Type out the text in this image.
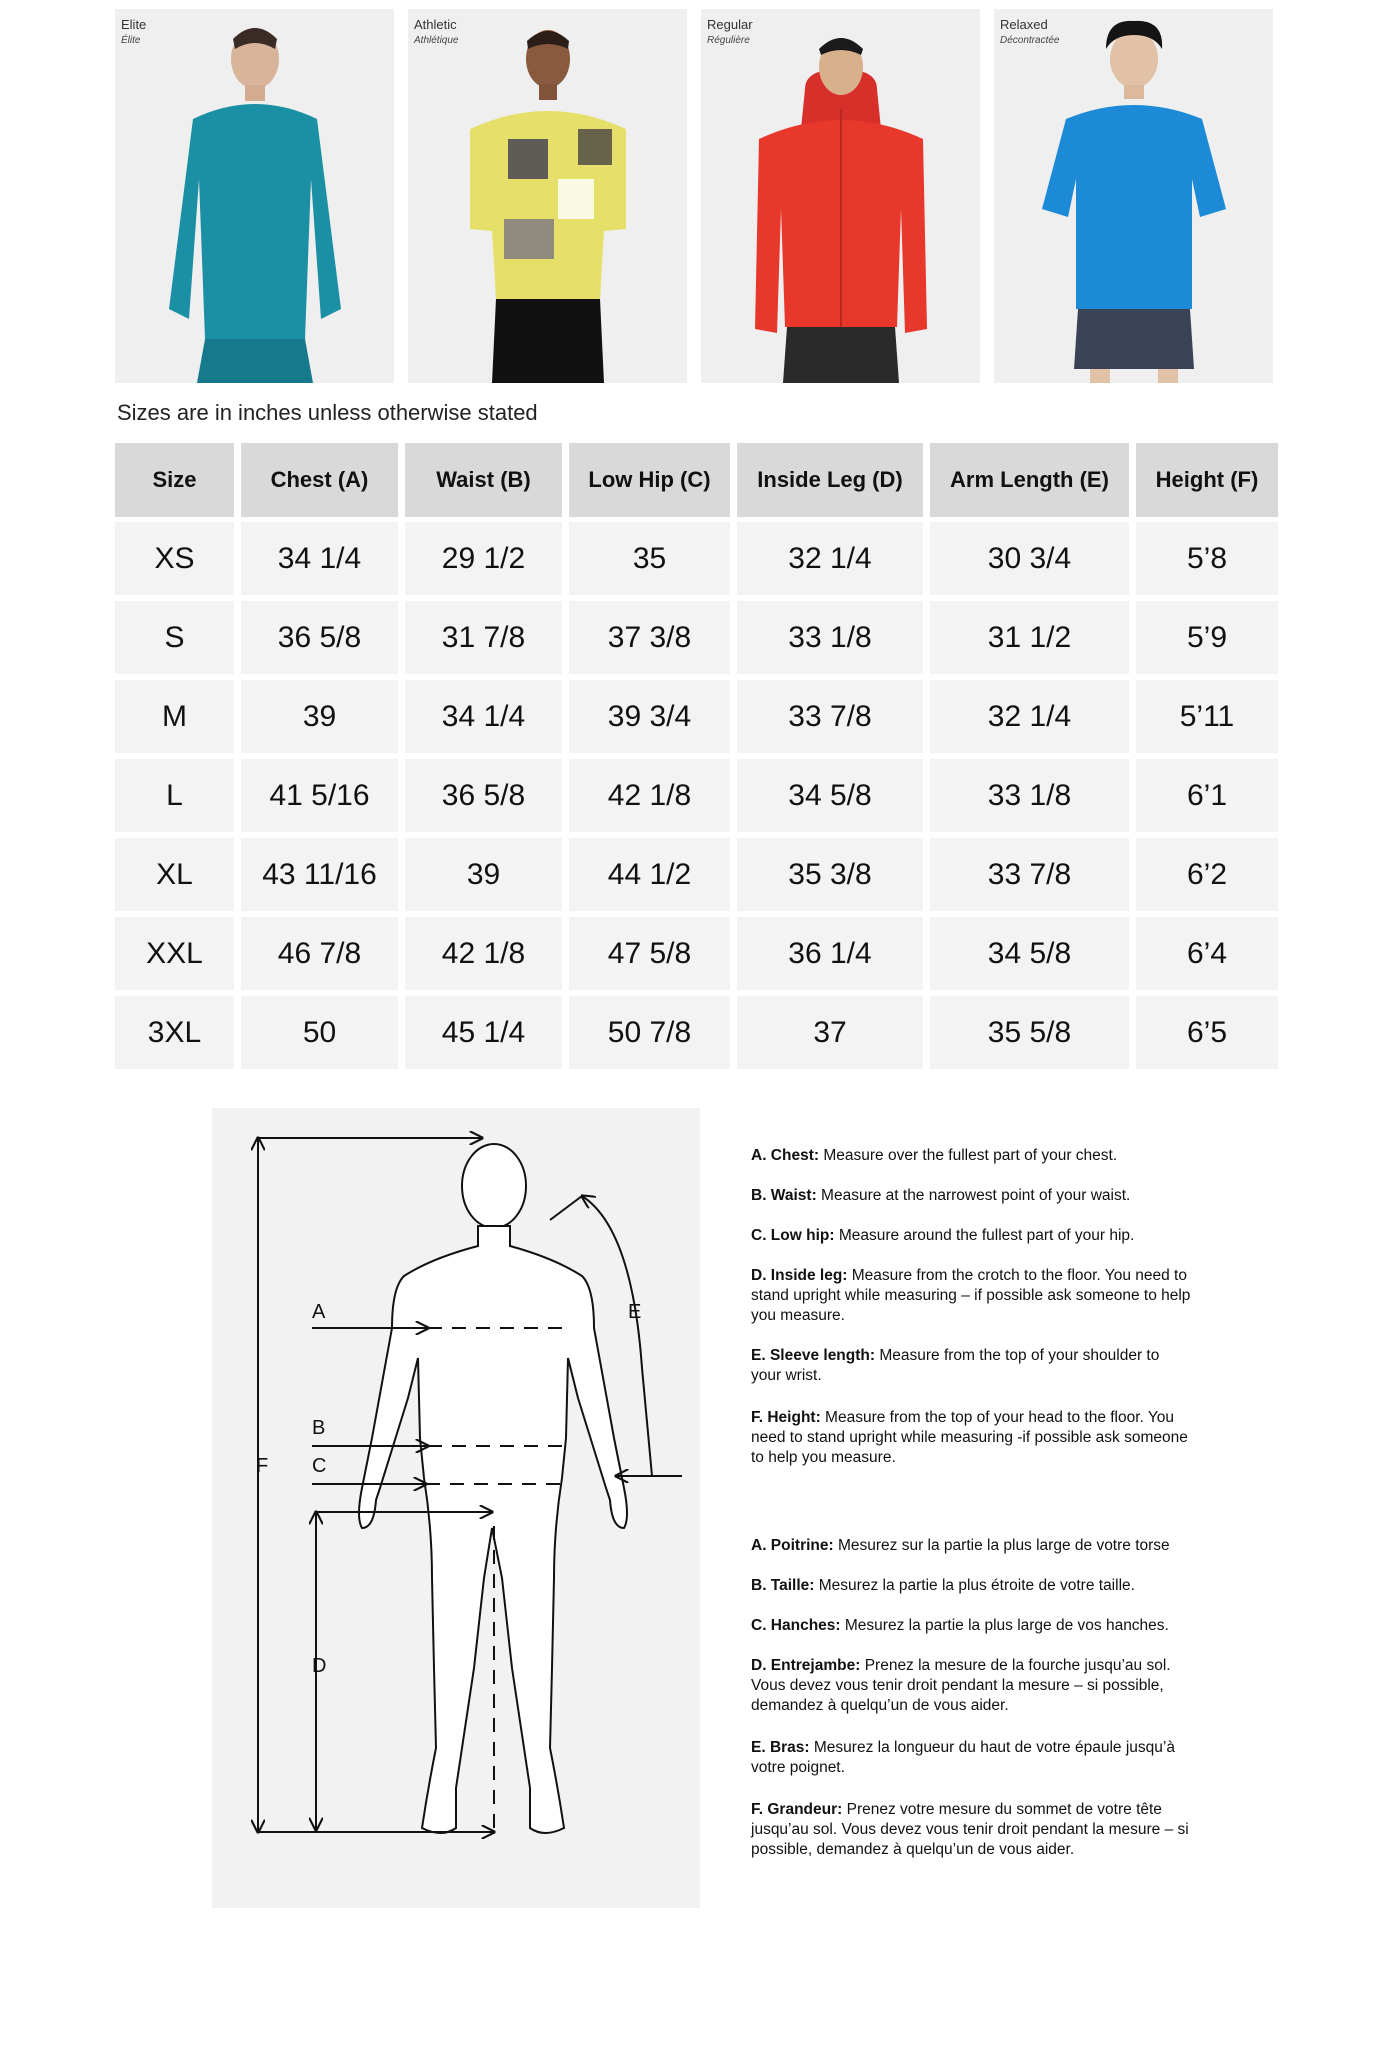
Elite
Élite
Athletic
Athlétique
Regular
Régulière
Relaxed
Décontractée
Sizes are in inches unless otherwise stated
Size	Chest (A)	Waist (B)	Low Hip (C)	Inside Leg (D)	Arm Length (E)	Height (F)
XS	34 1/4	29 1/2	35	32 1/4	30 3/4	5’8
S	36 5/8	31 7/8	37 3/8	33 1/8	31 1/2	5’9
M	39	34 1/4	39 3/4	33 7/8	32 1/4	5’11
L	41 5/16	36 5/8	42 1/8	34 5/8	33 1/8	6’1
XL	43 11/16	39	44 1/2	35 3/8	33 7/8	6’2
XXL	46 7/8	42 1/8	47 5/8	36 1/4	34 5/8	6’4
3XL	50	45 1/4	50 7/8	37	35 5/8	6’5
A
B
C
D
E
F

A. Chest: Measure over the fullest part of your chest.

B. Waist: Measure at the narrowest point of your waist.

C. Low hip: Measure around the fullest part of your hip.

D. Inside leg: Measure from the crotch to the floor. You need to stand upright while measuring – if possible ask someone to help you measure.

E. Sleeve length: Measure from the top of your shoulder to your wrist.

F. Height: Measure from the top of your head to the floor. You need to stand upright while measuring -if possible ask someone to help you measure.

A. Poitrine: Mesurez sur la partie la plus large de votre torse

B. Taille: Mesurez la partie la plus étroite de votre taille.

C. Hanches: Mesurez la partie la plus large de vos hanches.

D. Entrejambe: Prenez la mesure de la fourche jusqu’au sol. Vous devez vous tenir droit pendant la mesure – si possible, demandez à quelqu’un de vous aider.

E. Bras: Mesurez la longueur du haut de votre épaule jusqu’à votre poignet.

F. Grandeur: Prenez votre mesure du sommet de votre tête jusqu’au sol. Vous devez vous tenir droit pendant la mesure – si possible, demandez à quelqu’un de vous aider.
